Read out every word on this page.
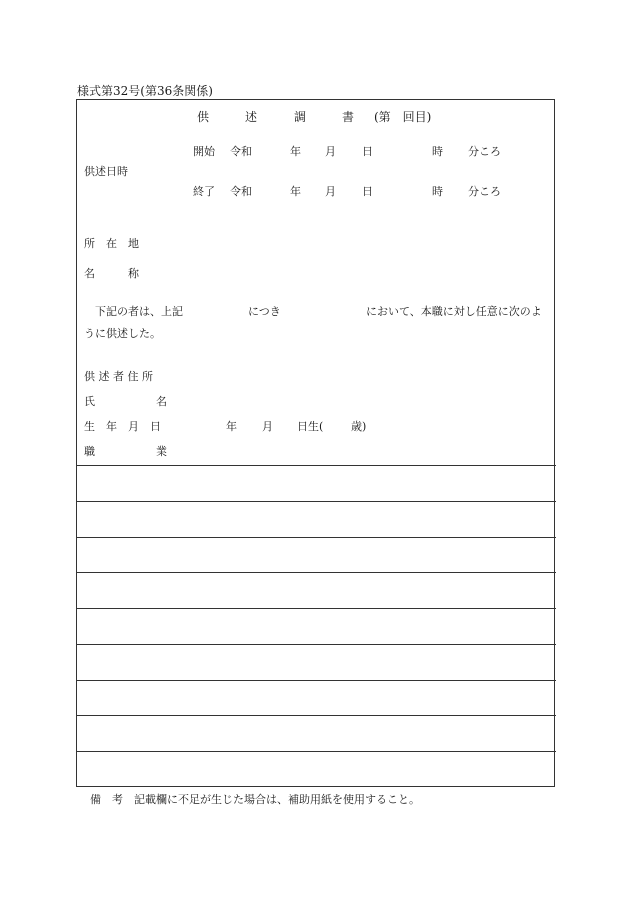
様式第32号(第36条関係)
供	述	調	書 (第　回目)
供述日時
開始 令和	年 月 日	時 分ころ
終了 令和	年 月 日	時 分ころ
所　在　地
名　　　称
下記の者は、上記	につき	において、本職に対し任意に次のよ
うに供述した。
供 述 者 住 所
氏	名
生　年　月　日	年 月 日生(	歳)
職	業
備　考　記載欄に不足が生じた場合は、補助用紙を使用すること。
